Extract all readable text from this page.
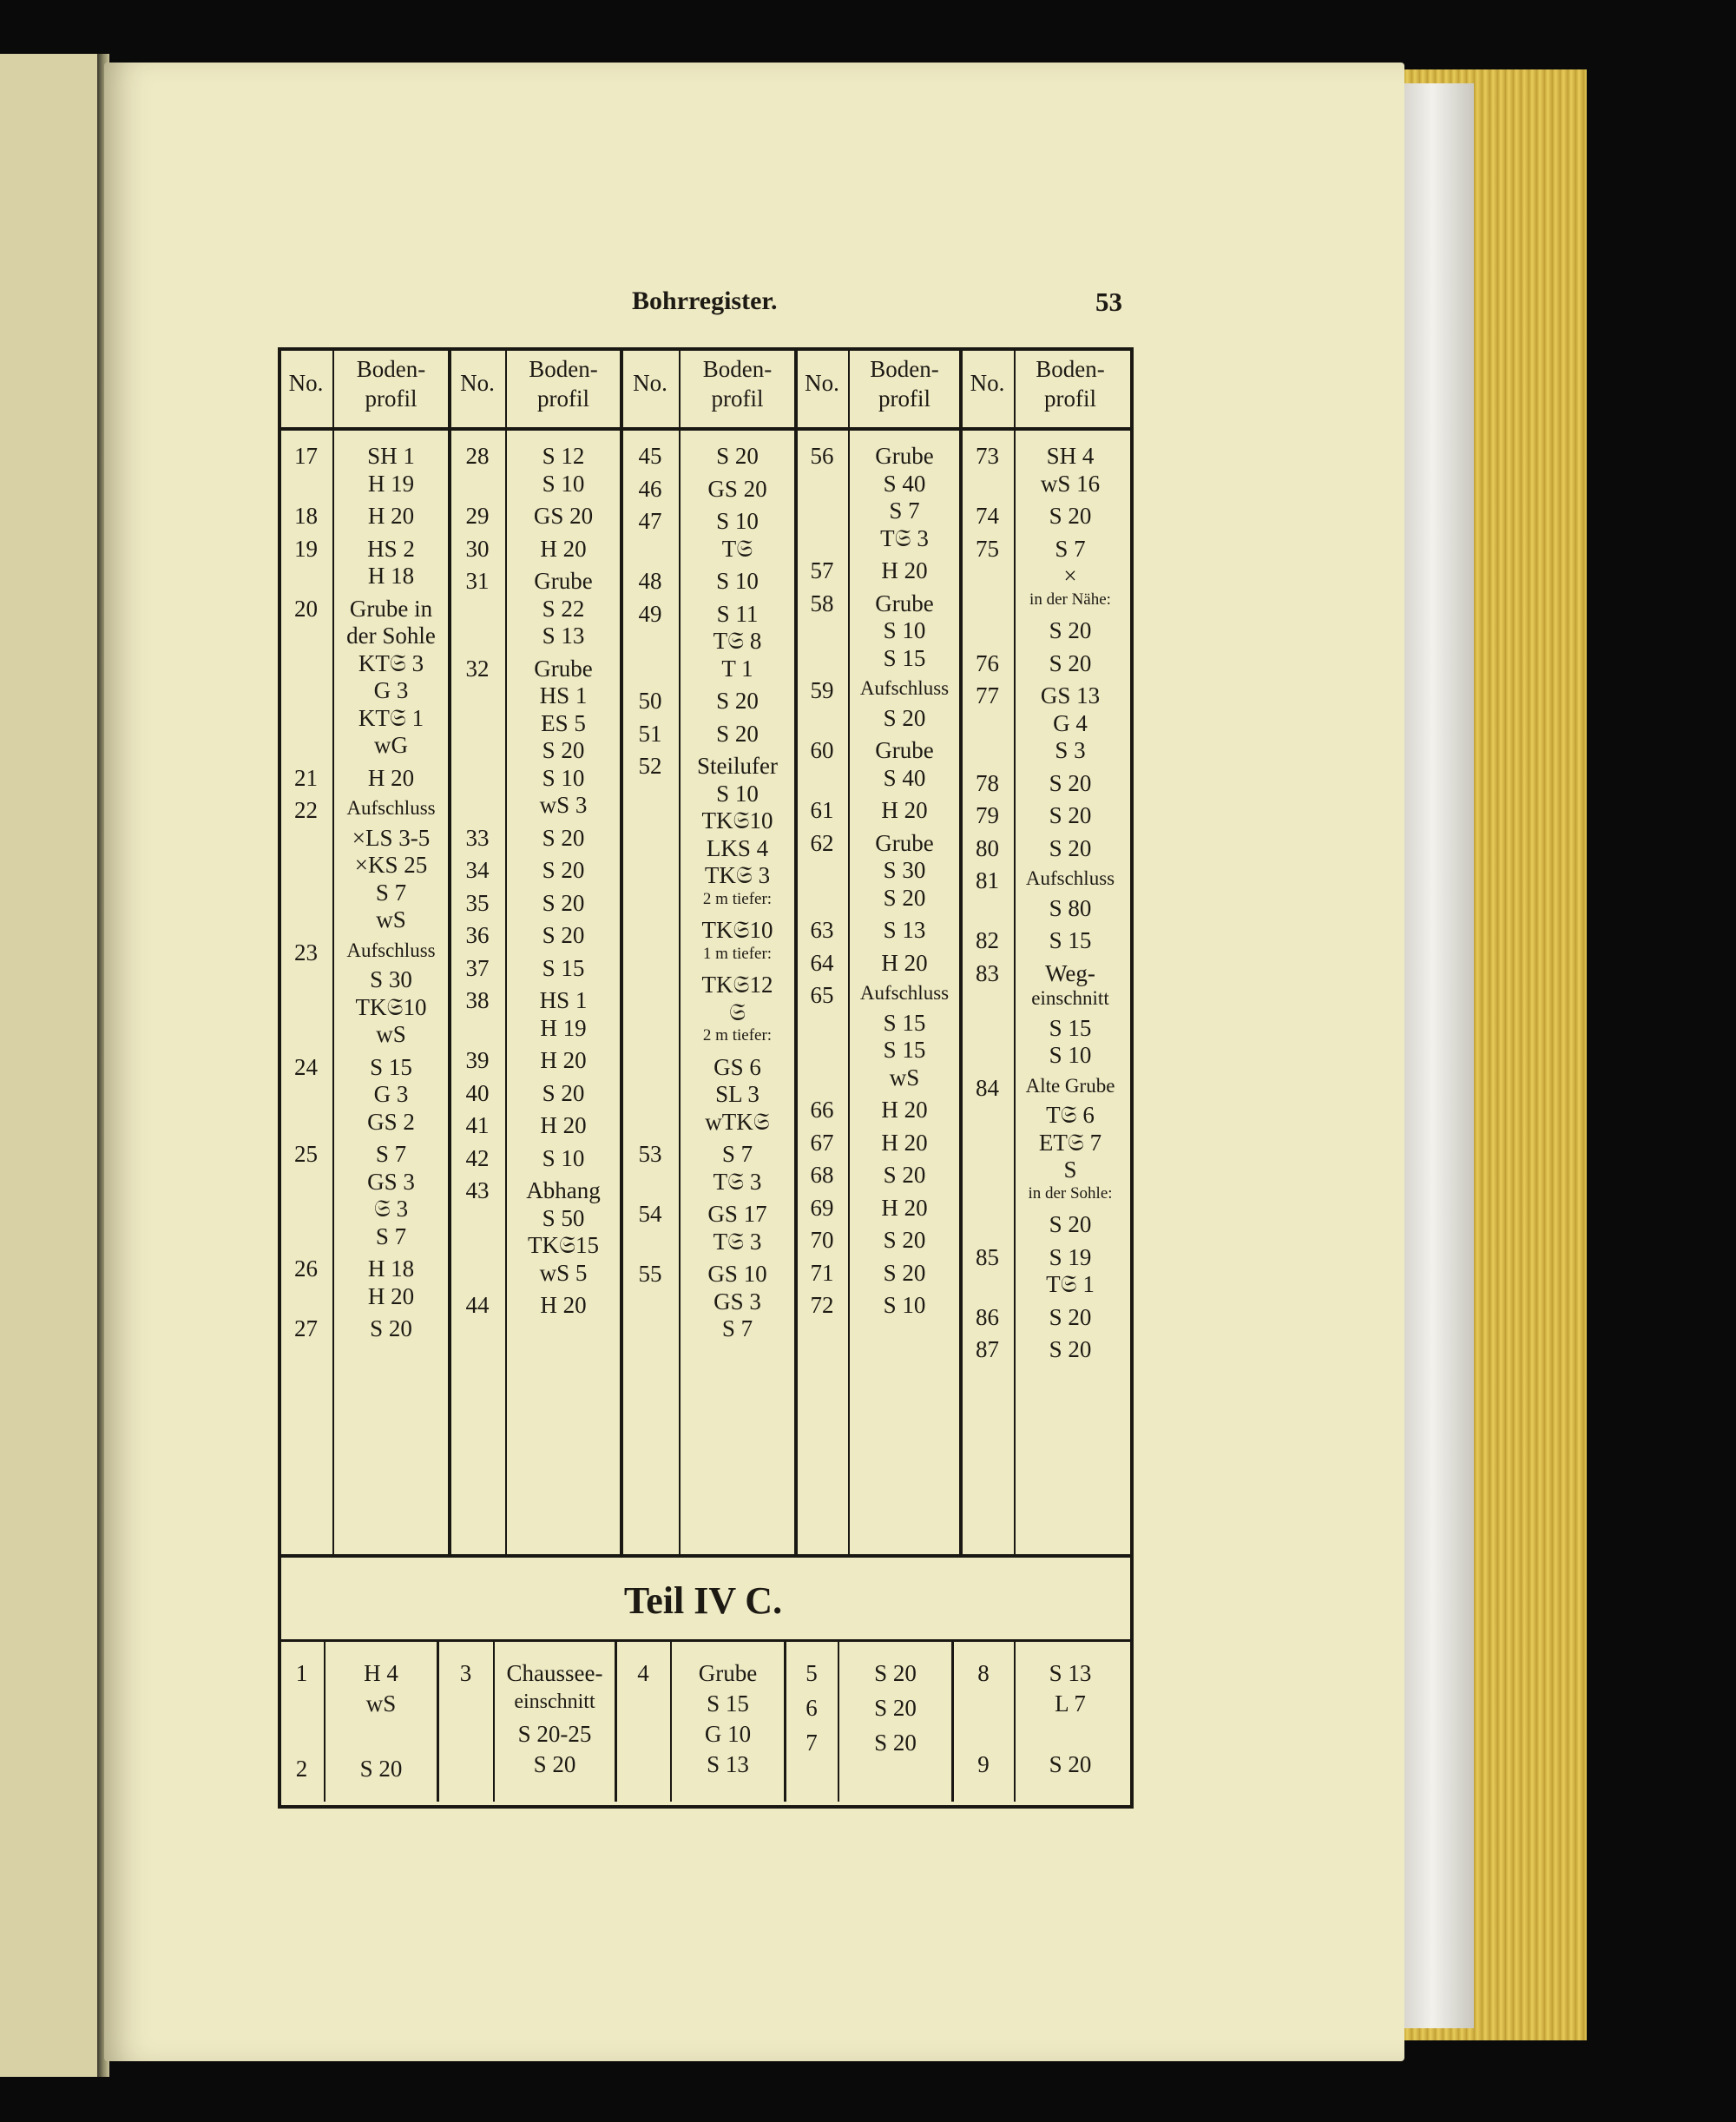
Bohrregister.	53
No.
Boden-
profil
No.
Boden-
profil
No.
Boden-
profil
No.
Boden-
profil
No.
Boden-
profil
17	SH 1
H 19
18	H 20
19	HS 2
H 18
20	Grube in
der Sohle
KT𝔖 3
G 3
KT𝔖 1
wG
21	H 20
22	Aufschluss
×LS 3-5
×KS 25
S 7
wS
23	Aufschluss
S 30
TK𝔖10
wS
24	S 15
G 3
GS 2
25	S 7
GS 3
𝔖 3
S 7
26	H 18
H 20
27	S 20
28	S 12
S 10
29	GS 20
30	H 20
31	Grube
S 22
S 13
32	Grube
HS 1
ES 5
S 20
S 10
wS 3
33	S 20
34	S 20
35	S 20
36	S 20
37	S 15
38	HS 1
H 19
39	H 20
40	S 20
41	H 20
42	S 10
43	Abhang
S 50
TK𝔖15
wS 5
44	H 20
45	S 20
46	GS 20
47	S 10
T𝔖
48	S 10
49	S 11
T𝔖 8
T 1
50	S 20
51	S 20
52	Steilufer
S 10
TK𝔖10
LKS 4
TK𝔖 3
2 m tiefer:
TK𝔖10
1 m tiefer:
TK𝔖12
𝔖
2 m tiefer:
GS 6
SL 3
wTK𝔖
53	S 7
T𝔖 3
54	GS 17
T𝔖 3
55	GS 10
GS 3
S 7
56	Grube
S 40
S 7
T𝔖 3
57	H 20
58	Grube
S 10
S 15
59	Aufschluss
S 20
60	Grube
S 40
61	H 20
62	Grube
S 30
S 20
63	S 13
64	H 20
65	Aufschluss
S 15
S 15
wS
66	H 20
67	H 20
68	S 20
69	H 20
70	S 20
71	S 20
72	S 10
73	SH 4
wS 16
74	S 20
75	S 7
×
in der Nähe:
S 20
76	S 20
77	GS 13
G 4
S 3
78	S 20
79	S 20
80	S 20
81	Aufschluss
S 80
82	S 15
83	Weg-
einschnitt
S 15
S 10
84	Alte Grube
T𝔖 6
ET𝔖 7
S
in der Sohle:
S 20
85	S 19
T𝔖 1
86	S 20
87	S 20
Teil IV C.
1	H 4
wS
2	S 20
3	Chaussee-
einschnitt
S 20-25
S 20
4	Grube
S 15
G 10
S 13
5	S 20
6	S 20
7	S 20
8	S 13
L 7
9	S 20
